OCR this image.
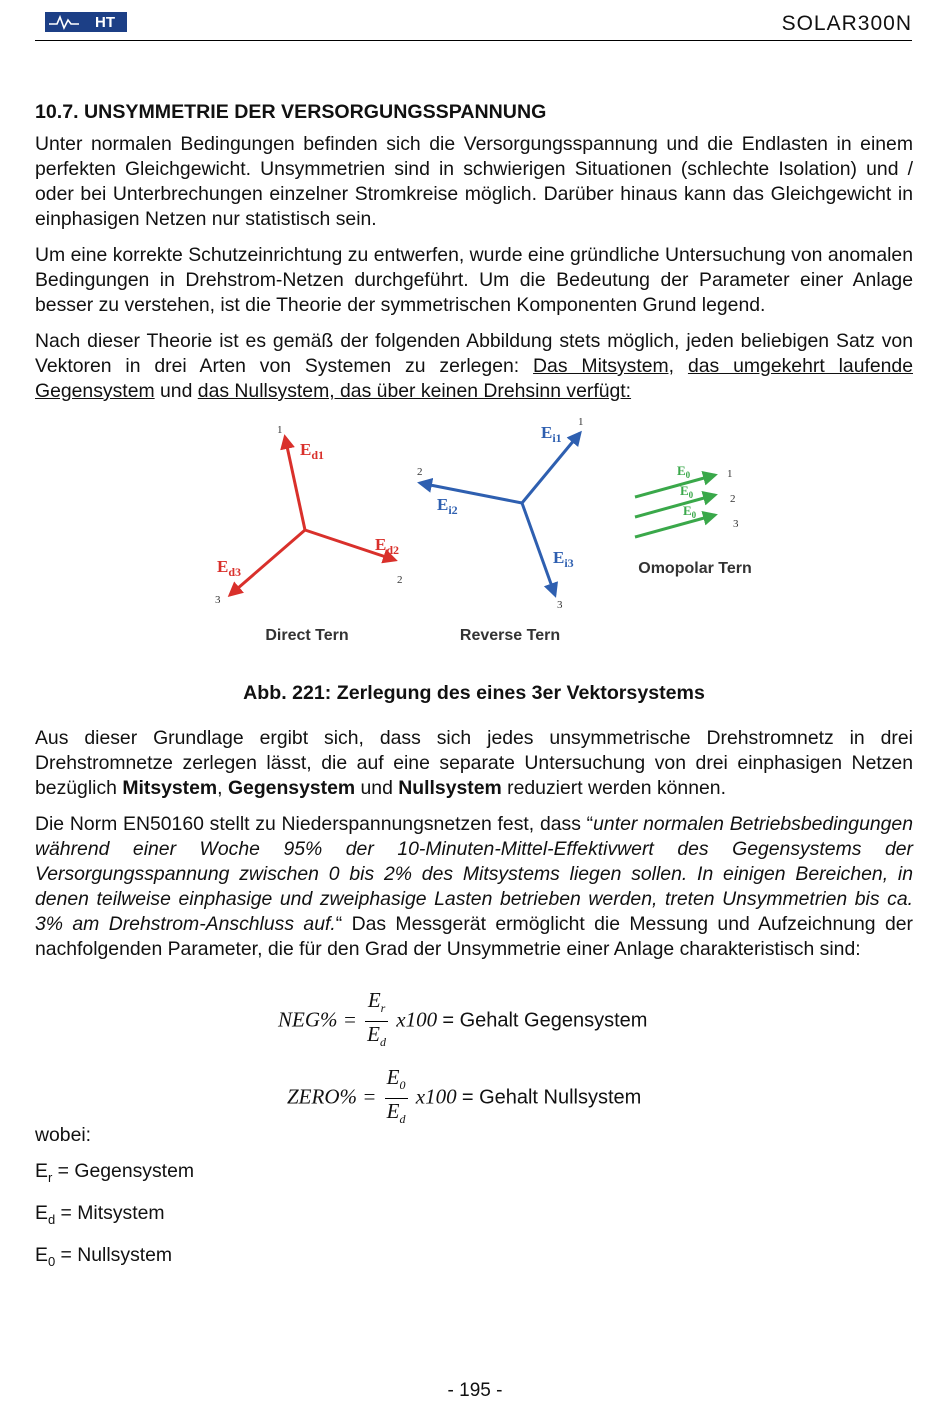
HT	SOLAR300N
10.7. UNSYMMETRIE DER VERSORGUNGSSPANNUNG

Unter normalen Bedingungen befinden sich die Versorgungsspannung und die Endlasten in einem perfekten Gleichgewicht. Unsymmetrien sind in schwierigen Situationen (schlechte Isolation) und / oder bei Unterbrechungen einzelner Stromkreise möglich. Darüber hinaus kann das Gleichgewicht in einphasigen Netzen nur statistisch sein.

Um eine korrekte Schutzeinrichtung zu entwerfen, wurde eine gründliche Untersuchung von anomalen Bedingungen in Drehstrom-Netzen durchgeführt. Um die Bedeutung der Parameter einer Anlage besser zu verstehen, ist die Theorie der symmetrischen Komponenten Grund legend.

Nach dieser Theorie ist es gemäß der folgenden Abbildung stets möglich, jeden beliebigen Satz von Vektoren in drei Arten von Systemen zu zerlegen: Das Mitsystem, das umgekehrt laufende Gegensystem und das Nullsystem, das über keinen Drehsinn verfügt:

$E_{d1}$
$E_{d2}$
$E_{d3}$
1
2
3
Direct Tern
$E_{i1}$
$E_{i2}$
$E_{i3}$
1
2
3
Reverse Tern
$E_0$
$E_0$
$E_0$
1
2
3
Omopolar Tern
Abb. 221: Zerlegung des eines 3er Vektorsystems

Aus dieser Grundlage ergibt sich, dass sich jedes unsymmetrische Drehstromnetz in drei Drehstromnetze zerlegen lässt, die auf eine separate Untersuchung von drei einphasigen Netzen bezüglich Mitsystem, Gegensystem und Nullsystem reduziert werden können.

Die Norm EN50160 stellt zu Niederspannungsnetzen fest, dass “unter normalen Betriebsbedingungen während einer Woche 95% der 10-Minuten-Mittel-Effektivwert des Gegensystems der Versorgungsspannung zwischen 0 bis 2% des Mitsystems liegen sollen. In einigen Bereichen, in denen teilweise einphasige und zweiphasige Lasten betrieben werden, treten Unsymmetrien bis ca. 3% am Drehstrom-Anschluss auf.“ Das Messgerät ermöglicht die Messung und Aufzeichnung der nachfolgenden Parameter, die für den Grad der Unsymmetrie einer Anlage charakteristisch sind:

$NEG\% = \frac{E_r}{E_d} x100$ = Gehalt Gegensystem
ZERO% = $\frac{E_0}{E_d} x100$ = Gehalt Nullsystem
wobei:
$E_r$ = Gegensystem
$E_d$ = Mitsystem
$E_0$ = Nullsystem
- 195 -
